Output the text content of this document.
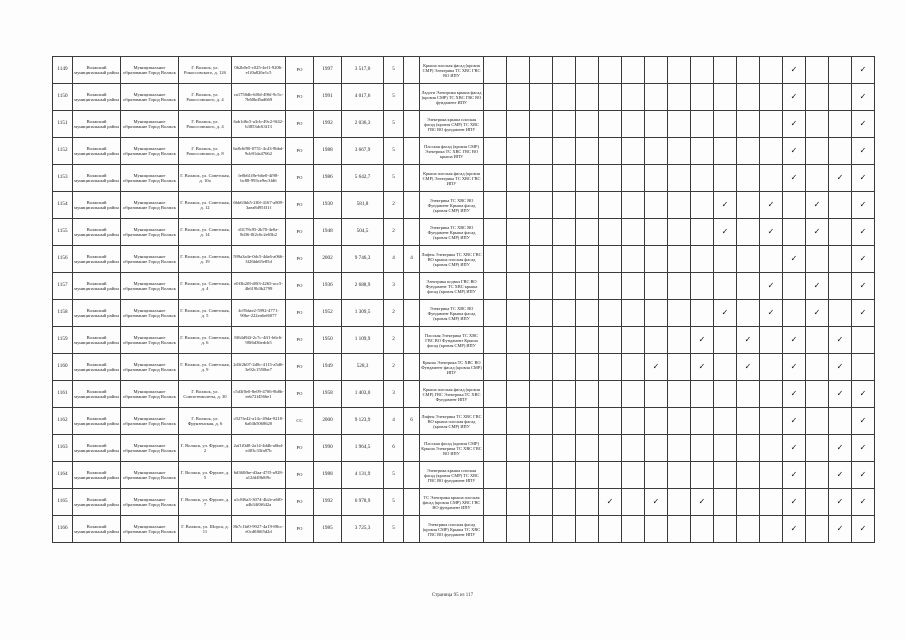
1149	Волжский муниципальный район	Муниципальное образование Город Волжск	Г. Волжск, ул. Рокоссовского, д. 12б	0b2b0e5-c025-4ef1-9206-e1f0a826e1c5	РО	1997	3 517,0	5		Крыша плоская фасад (кровля СМР) Электрика ТС ХВС ГВС ВО ИПУ														✓			✓
1150	Волжский муниципальный район	Муниципальное образование Город Волжск	Г. Волжск, ул. Рокоссовского, д. 4	ca1750db-6f0d-496f-9c5c-7b60bd5ad669	РО	1991	4 017,6	5		Ладоги Электрика крыша фасад (кровля СМР) ТС ХВС ГВС ВО фундамент ИПУ														✓			✓
1151	Волжский муниципальный район	Муниципальное образование Город Волжск	Г. Волжск, ул. Рокоссовского, д. 4	6ab1d6c5-a3cb-49c2-9f42-b3853dc63f13	РО	1992	2 036,3	5		Электрика крыша плоская фасад (кровля СМР) ТС ХВС ГВС ВО фундамент ИПУ														✓			✓
1152	Волжский муниципальный район	Муниципальное образование Город Волжск	Г. Волжск, ул. Рокоссовского, д. 8	6a8c6f90-0751-4c43-9bbd-9cb91da47662	РО	1988	3 667,9	5		Плоская фасад (кровля СМР) Электрика ТС ХВС ГВС ВО крыша ИПУ														✓			✓
1153	Волжский муниципальный район	Муниципальное образование Город Волжск	Г. Волжск, ул. Советская, д. 10а	fe0b61f8e-b6e0-4f98-bc88-993ce9ec3fd6	РО	1986	5 642,7	5		Крыша плоская фасад (кровля СМР) Электрика ТС ХВС ГВС ИПУ														✓		✓	✓
1154	Волжский муниципальный район	Муниципальное образование Город Волжск	Г. Волжск, ул. Советская, д. 12	6bb63bb5-2f0f-4167-a809-3aea8d95f31f	РО	1930	581,8	2		Электрика ТС ХВС ВО Фундамент Крыша фасад (кровля СМР) ИПУ											✓		✓		✓		✓
1155	Волжский муниципальный район	Муниципальное образование Город Волжск	Г. Волжск, ул. Советская, д. 14	d3178c95-2b70-4e0a-8d36-0f2c6c2e65b2	РО	1948	504,5	2		Электрика ТС ХВС ВО Фундамент Крыша фасад (кровля СМР) ИПУ											✓		✓		✓		✓
1156	Волжский муниципальный район	Муниципальное образование Город Волжск	Г. Волжск, ул. Советская, д. 19	599a3a4e-0dc5-4da6-a066-3f26bb65e85d	РО	2002	9 746,3	4	4	Лифты Электрика ТС ХВС ГВС ВО крыша плоская фасад (кровля СМР) ИПУ														✓			✓
1157	Волжский муниципальный район	Муниципальное образование Город Волжск	Г. Волжск, ул. Советская, д. 4	e0f3b2f8-d8f3-4265-acc5-4b619b3b2799	РО	1936	2 688,9	3		Электрика подвал ГВС ВО Фундамент ТС ХВС крыша фасад (кровля СМР) ИПУ													✓		✓		✓
1158	Волжский муниципальный район	Муниципальное образование Город Волжск	Г. Волжск, ул. Советская, д. 5	4c95dae2-5992-4771-90be-222ea6ef6077	РО	1952	1 309,5	2		Электрика ТС ХВС ВО Фундамент Крыша фасад (кровля СМР) ИПУ											✓		✓		✓		✓
1159	Волжский муниципальный район	Муниципальное образование Город Волжск	Г. Волжск, ул. Советская, д. 6	8f64d94f-2c7c-4ff1-b6c6-98f6d36edcb5	РО	1950	1 109,9	2		Плоская Электрика ТС ХВС ГВС ВО Фундамент Крыша фасад (кровля СМР) ИПУ										✓		✓		✓		✓	
1160	Волжский муниципальный район	Муниципальное образование Город Волжск	Г. Волжск, ул. Советская, д. 9	2d3f2b07-2d0c-4115-a5d6-3e92c1550be7	РО	1949	528,3	2		Крыша Электрика ТС ХВС ВО Фундамент фасад (кровля СМР) ИПУ								✓		✓		✓		✓		✓	
1161	Волжский муниципальный район	Муниципальное образование Город Волжск	Г. Волжск, ул. Союзотемплеты, д. 30	c5d3f0e0-8e09-4706-9b8b-eeb72f4566e1	РО	1958	1 403,0	3		Крыша плоская фасад (кровля СМР) ГВС Электрика ТС ХВС Фундамент ИПУ														✓		✓	✓
1162	Волжский муниципальный район	Муниципальное образование Город Волжск	Г. Волжск, ул. Фрунзенская, д. 6	c927fe42-a14c-49da-9218-6a04b5068620	СС	2000	9 123,9	4	6	Лифты Электрика ТС ХВС ГВС ВО крыша плоская фасад (кровля СМР) ИПУ														✓			✓
1163	Волжский муниципальный район	Муниципальное образование Город Волжск	Г. Волжск, ул. Фрунзе, д. 2	2af1f0d0-2a14-4ddb-a6bd-e403c33fa87b	РО	1990	1 964,5	6		Плоская фасад (кровля СМР) Крыша Электрика ТС ХВС ГВС ВО ИПУ														✓		✓	✓
1164	Волжский муниципальный район	Муниципальное образование Город Волжск	Г. Волжск, ул. Фрунзе, д. 5	6d360fbe-d3aa-47f5-a928-a12fd49b8f9c	РО	1988	4 131,9	5		Электрика крыша плоская фасад (кровля СМР) ТС ХВС ГВС ВО фундамент ИПУ														✓		✓	✓
1165	Волжский муниципальный район	Муниципальное образование Город Волжск	Г. Волжск, ул. Фрунзе, д. 7	a1c8f6a3-3074-4b2e-a6f0-a4b34f0f642a	РО	1992	6 978,9	5		ТС Электрика крыша плоская фасад (кровля СМР) ХВС ГВС ВО фундамент ИПУ						✓		✓		✓				✓		✓	✓
1166	Волжский муниципальный район	Муниципальное образование Город Волжск	Г. Волжск, ул. Шорса, д. 11	8b7c1bf0-9927-4a19-88cc-e0cd0f665d2d	РО	1985	3 725,3	5		Электрика плоская фасад (кровля СМР) Крыша ТС ХВС ГВС ВО фундамент ИПУ														✓		✓	✓
Страница 95 из 117
